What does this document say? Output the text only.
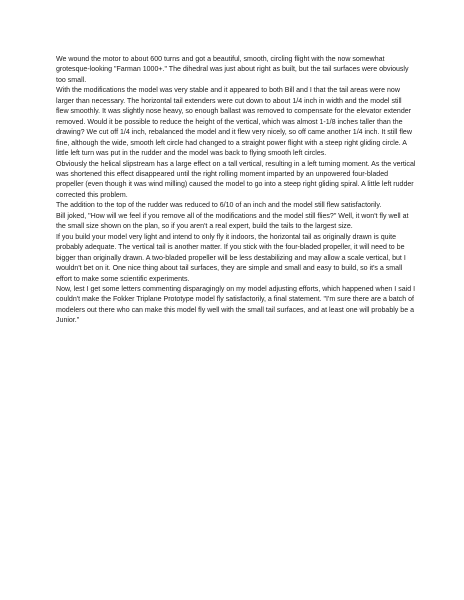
We wound the motor to about 600 turns and got a beautiful, smooth, circling flight with the now somewhat grotesque-looking "Farman 1000+." The dihedral was just about right as built, but the tail surfaces were obviously too small.

With the modifications the model was very stable and it appeared to both Bill and I that the tail areas were now larger than necessary. The horizontal tail extenders were cut down to about 1/4 inch in width and the model still flew smoothly. It was slightly nose heavy, so enough ballast was removed to compensate for the elevator extender removed. Would it be possible to reduce the height of the vertical, which was almost 1-1/8 inches taller than the drawing? We cut off 1/4 inch, rebalanced the model and it flew very nicely, so off came another 1/4 inch. It still flew fine, although the wide, smooth left circle had changed to a straight power flight with a steep right gliding circle. A little left turn was put in the rudder and the model was back to flying smooth left circles.

Obviously the helical slipstream has a large effect on a tall vertical, resulting in a left turning moment. As the vertical was shortened this effect disappeared until the right rolling moment imparted by an unpowered four-bladed propeller (even though it was wind milling) caused the model to go into a steep right gliding spiral. A little left rudder corrected this problem.

The addition to the top of the rudder was reduced to 6/10 of an inch and the model still flew satisfactorily.

Bill joked, "How will we feel if you remove all of the modifications and the model still flies?" Well, it won't fly well at the small size shown on the plan, so if you aren't a real expert, build the tails to the largest size.

If you build your model very light and intend to only fly it indoors, the horizontal tail as originally drawn is quite probably adequate. The vertical tail is another matter. If you stick with the four-bladed propeller, it will need to be bigger than originally drawn. A two-bladed propeller will be less destabilizing and may allow a scale vertical, but I wouldn't bet on it. One nice thing about tail surfaces, they are simple and small and easy to build, so it's a small effort to make some scientific experiments.

Now, lest I get some letters commenting disparagingly on my model adjusting efforts, which happened when I said I couldn't make the Fokker Triplane Prototype model fly satisfactorily, a final statement. "I'm sure there are a batch of modelers out there who can make this model fly well with the small tail surfaces, and at least one will probably be a Junior."
